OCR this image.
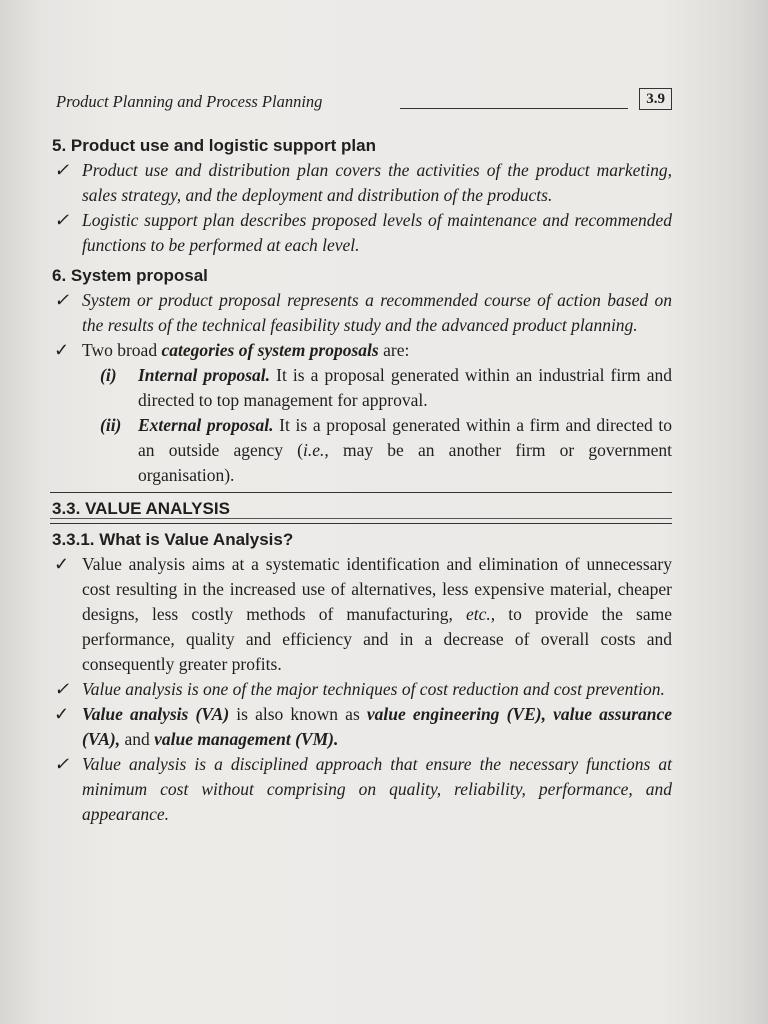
Product Planning and Process Planning	3.9
5. Product use and logistic support plan
✓ Product use and distribution plan covers the activities of the product marketing, sales strategy, and the deployment and distribution of the products.
✓ Logistic support plan describes proposed levels of maintenance and recommended functions to be performed at each level.
6. System proposal
✓ System or product proposal represents a recommended course of action based on the results of the technical feasibility study and the advanced product planning.
✓ Two broad categories of system proposals are:
(i) Internal proposal. It is a proposal generated within an industrial firm and directed to top management for approval.
(ii) External proposal. It is a proposal generated within a firm and directed to an outside agency (i.e., may be an another firm or government organisation).
3.3. VALUE ANALYSIS
3.3.1. What is Value Analysis?
✓ Value analysis aims at a systematic identification and elimination of unnecessary cost resulting in the increased use of alternatives, less expensive material, cheaper designs, less costly methods of manufacturing, etc., to provide the same performance, quality and efficiency and in a decrease of overall costs and consequently greater profits.
✓ Value analysis is one of the major techniques of cost reduction and cost prevention.
✓ Value analysis (VA) is also known as value engineering (VE), value assurance (VA), and value management (VM).
✓ Value analysis is a disciplined approach that ensure the necessary functions at minimum cost without comprising on quality, reliability, performance, and appearance.
